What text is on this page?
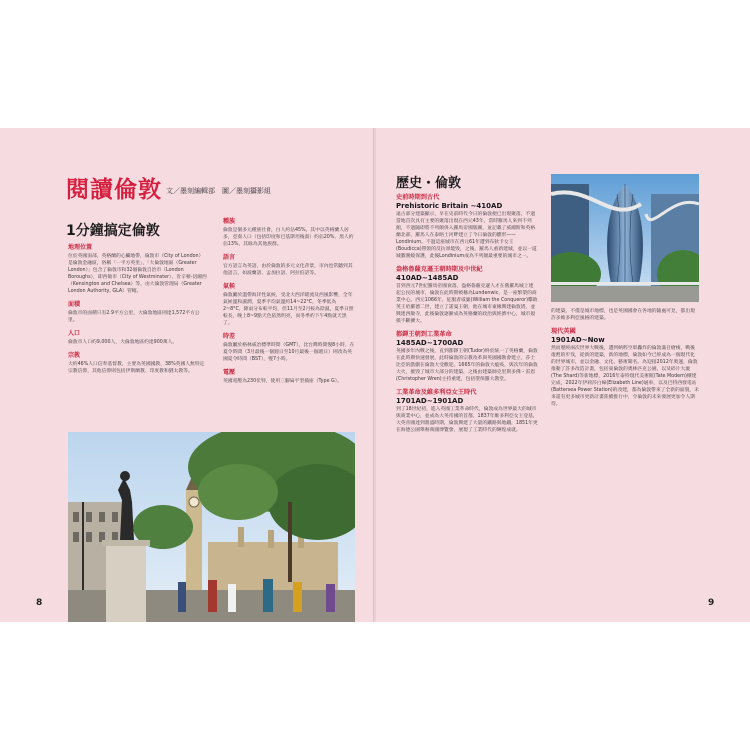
閱讀倫敦 文／墨刻編輯部　圖／墨刻攝影組
1分鐘搞定倫敦
地理位置

位於英國南部，英格蘭的心臟地帶，倫敦市（City of London）是倫敦金融區，俗稱「一平方英里」，「大倫敦地區（Greater London）」包含了倫敦市和32個倫敦自治市（London Boroughs），即西敏市（City of Westminster）、肯辛頓-切爾西（Kensington and Chelsea）等，由大倫敦管理局（Greater London Authority, GLA）管轄。

面積

倫敦市的面積只有2.9平方公里，大倫敦地區則達1,572平方公里。

人口

倫敦市人口約9,000人，大倫敦地區約達900萬人。

宗教

大約46%人口信奉基督教，主要為英國國教，38%英國人無特定宗教信仰，其他信仰則包括伊斯蘭教、印度教和猶太教等。

種族

倫敦是個多元種族社會，白人約佔45%，其中以英格蘭人居多，亞裔人口（包括印度和巴基斯坦後裔）約佔20%，黑人約佔13%，其餘為其他族群。

語言

官方語言為英語，由於倫敦的多元文化背景，市內也常聽到其他語言，如波蘭語、孟加拉語、阿拉伯語等。

氣候

倫敦屬於溫帶海洋性氣候，受北大西洋暖流及西風影響，全年氣候溫和濕潤，夏季平均氣溫約14~22°C，冬季低為2~8°C，降雨分布較平均，但11月至2月較為陰濕，夏季日照較長，晚上8~9點天色依然明亮，而冬季約下午4點就天黑了。

時差

倫敦屬於格林威治標準時間（GMT），比台灣時間慢8小時，在夏令時間（3月最後一個週日至10月最後一個週日）則改為英國夏令時間（BST），慢7小時。

電壓

英國電壓為230伏特，使用三腳扁平型插座（Type G）。

8
歷史・倫敦
史前時期到古代
Prehistoric Britain ~410AD

遠古部分建築顯示，早在史前時代今日的倫敦便已出現聚落，不過當地首次具有主要的聚落出現在西元43年，當時羅馬人來到不列顛，不過隨即將不列顛併入羅馬帝國版圖，並記載了威爾斯和英格蘭北部，羅馬人在泰晤士河畔建立了今日倫敦的雛形——Londinium。不過這座城市在西元61年遭到布狄卡女王(Boudicca)帶領的反抗軍燒毀，之後，羅馬人重新建城，並以一道城牆圍繞保護，此後Londinium成為不列顛最重要的城市之一。

盎格魯薩克遜王朝時期及中世紀
410AD~1485AD

首到西元7世紀羅馬帝國衰落，盎格魯薩克遜人才在舊羅馬城上建起公民的城市，倫敦在此時期被稱為Lundenwic，是一座繁榮的商業中心。西元1066年，征服者威廉(William the Conqueror)擊敗英王哈羅德二世，建立了諾曼王朝，他在城市東緣興建倫敦塔，並興建西敏寺，此後倫敦逐漸成為英格蘭的政治與經濟中心，城市規模不斷擴大。

都鐸王朝到工業革命
1485AD~1700AD

英國多年內戰之後，直到都鐸王朝(Tudor)終於統一了英格蘭，倫敦在此時期快速發展，此時倫敦的宗教改革與英國國教會建立，莎士比亞的戲劇在倫敦大受歡迎。1665年的倫敦大瘟疫，與次年的倫敦大火，摧毀了城市大部分的建築，之後由建築師克里斯多佛・雷恩(Christopher Wren)主持重建，包括聖保羅大教堂。

工業革命及維多利亞女王時代
1701AD~1901AD

到了18世紀初，進入英國工業革命時代，倫敦成為世界最大的城市與商業中心，並成為大英帝國的首都，1837年維多利亞女王登基，大英帝國達到鼎盛時期，倫敦興建了大量的鐵路與地鐵，1851年更在海德公園舉辦萬國博覽會，展現了工業時代的輝煌成就。

的建築，不僅是城市地標，也是英國國會在各地的隨處可見，都出現許多維多利亞風格的建築。

現代英國
1901AD~Now

然而歷經兩次世界大戰後，遭到納粹空軍轟炸的倫敦滿目瘡痍，戰後復甦的步伐，從新的建築，新的地標，倫敦如今已經成為一個現代化的世界城市，並以金融、文化、藝術聞名。為迎接2012年奧運，倫敦推動了許多改造計畫，包括東倫敦的奧林匹克公園，以及碎片大廈(The Shard)等新地標，2016年泰特現代美術館(Tate Modern)擴建完成，2022年伊莉莎白線(Elizabeth Line)通車，以及巴特西發電站(Battersea Power Station)的改建，都為倫敦帶來了全新的面貌，未來還有更多城市更新計畫陸續推行中，令倫敦的未來發展更加令人期待。

9
